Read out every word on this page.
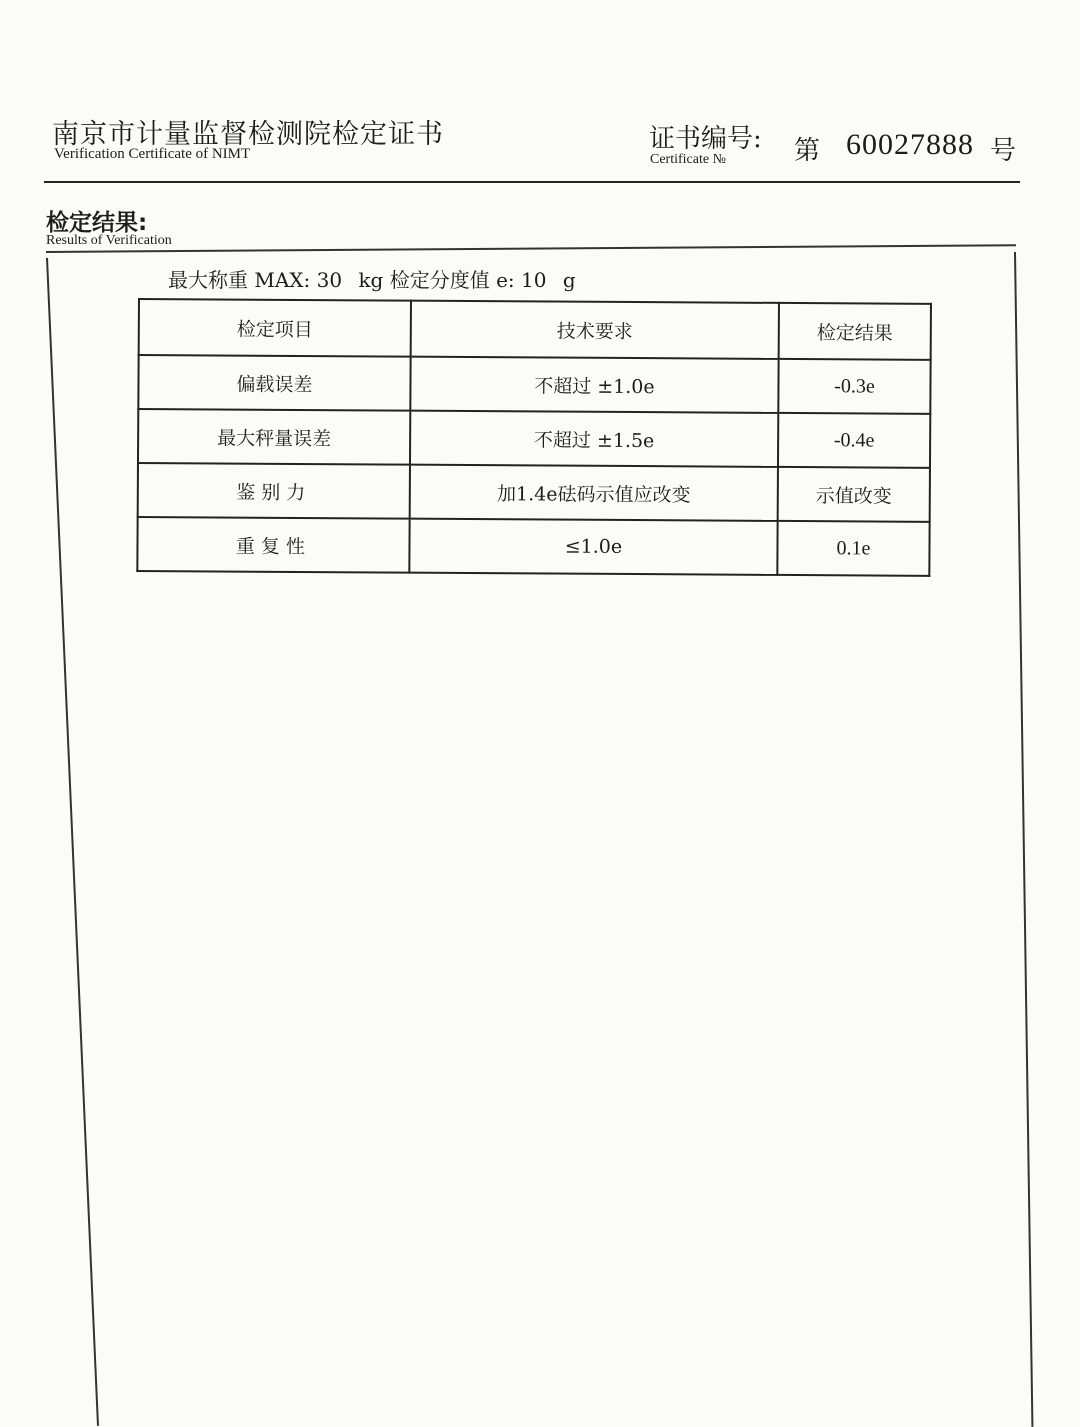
南京市计量监督检测院检定证书
Verification Certificate of NIMT	证书编号:
Certificate №	第 60027888 号
检定结果:
Results of Verification
最大称重 MAX: 30 kg 检定分度值 e: 10 g
检定项目	技术要求	检定结果
偏载误差	不超过 ±1.0e	-0.3e
最大秤量误差	不超过 ±1.5e	-0.4e
鉴别力	加1.4e砝码示值应改变	示值改变
重复性	≤1.0e	0.1e
